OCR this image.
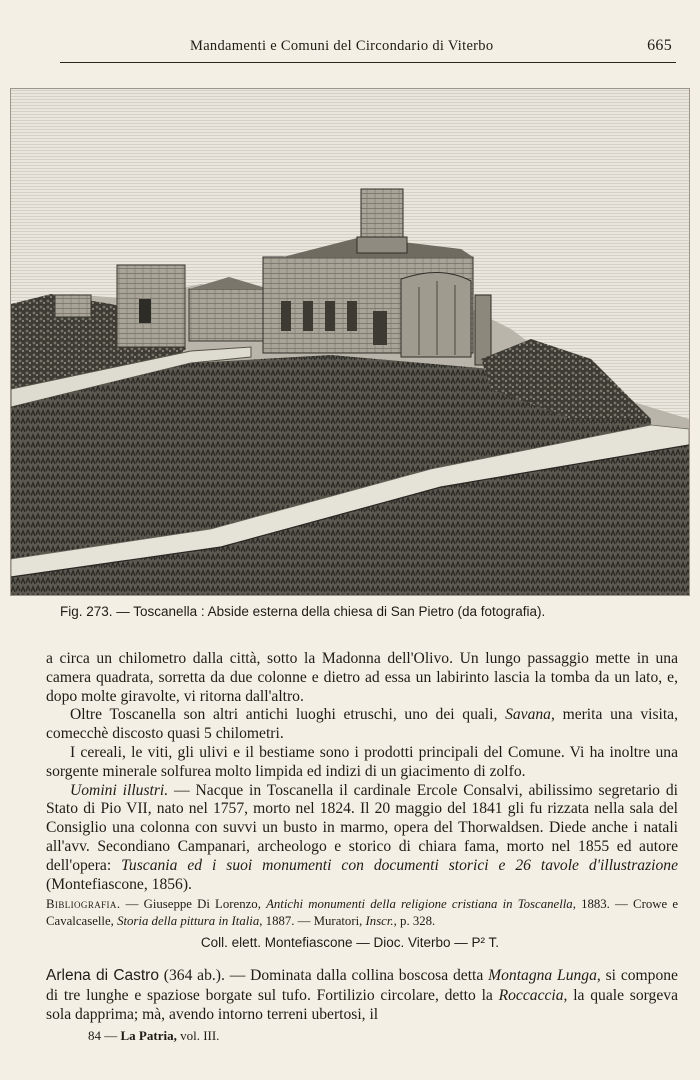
Mandamenti e Comuni del Circondario di Viterbo	665
Fig. 273. — Toscanella : Abside esterna della chiesa di San Pietro (da fotografia).

a circa un chilometro dalla città, sotto la Madonna dell'Olivo. Un lungo passaggio mette in una camera quadrata, sorretta da due colonne e dietro ad essa un labirinto lascia la tomba da un lato, e, dopo molte giravolte, vi ritorna dall'altro.

Oltre Toscanella son altri antichi luoghi etruschi, uno dei quali, Savana, merita una visita, comecchè discosto quasi 5 chilometri.

I cereali, le viti, gli ulivi e il bestiame sono i prodotti principali del Comune. Vi ha inoltre una sorgente minerale solfurea molto limpida ed indizi di un giacimento di zolfo.

Uomini illustri. — Nacque in Toscanella il cardinale Ercole Consalvi, abilissimo segretario di Stato di Pio VII, nato nel 1757, morto nel 1824. Il 20 maggio del 1841 gli fu rizzata nella sala del Consiglio una colonna con suvvi un busto in marmo, opera del Thorwaldsen. Diede anche i natali all'avv. Secondiano Campanari, archeologo e storico di chiara fama, morto nel 1855 ed autore dell'opera: Tuscania ed i suoi monumenti con documenti storici e 26 tavole d'illustrazione (Montefiascone, 1856).

Bibliografia. — Giuseppe Di Lorenzo, Antichi monumenti della religione cristiana in Toscanella, 1883. — Crowe e Cavalcaselle, Storia della pittura in Italia, 1887. — Muratori, Inscr., p. 328.
Coll. elett. Montefiascone — Dioc. Viterbo — P² T.
Arlena di Castro (364 ab.). — Dominata dalla collina boscosa detta Montagna Lunga, si compone di tre lunghe e spaziose borgate sul tufo. Fortilizio circolare, detto la Roccaccia, la quale sorgeva sola dapprima; mà, avendo intorno terreni ubertosi, il
84 — La Patria, vol. III.
